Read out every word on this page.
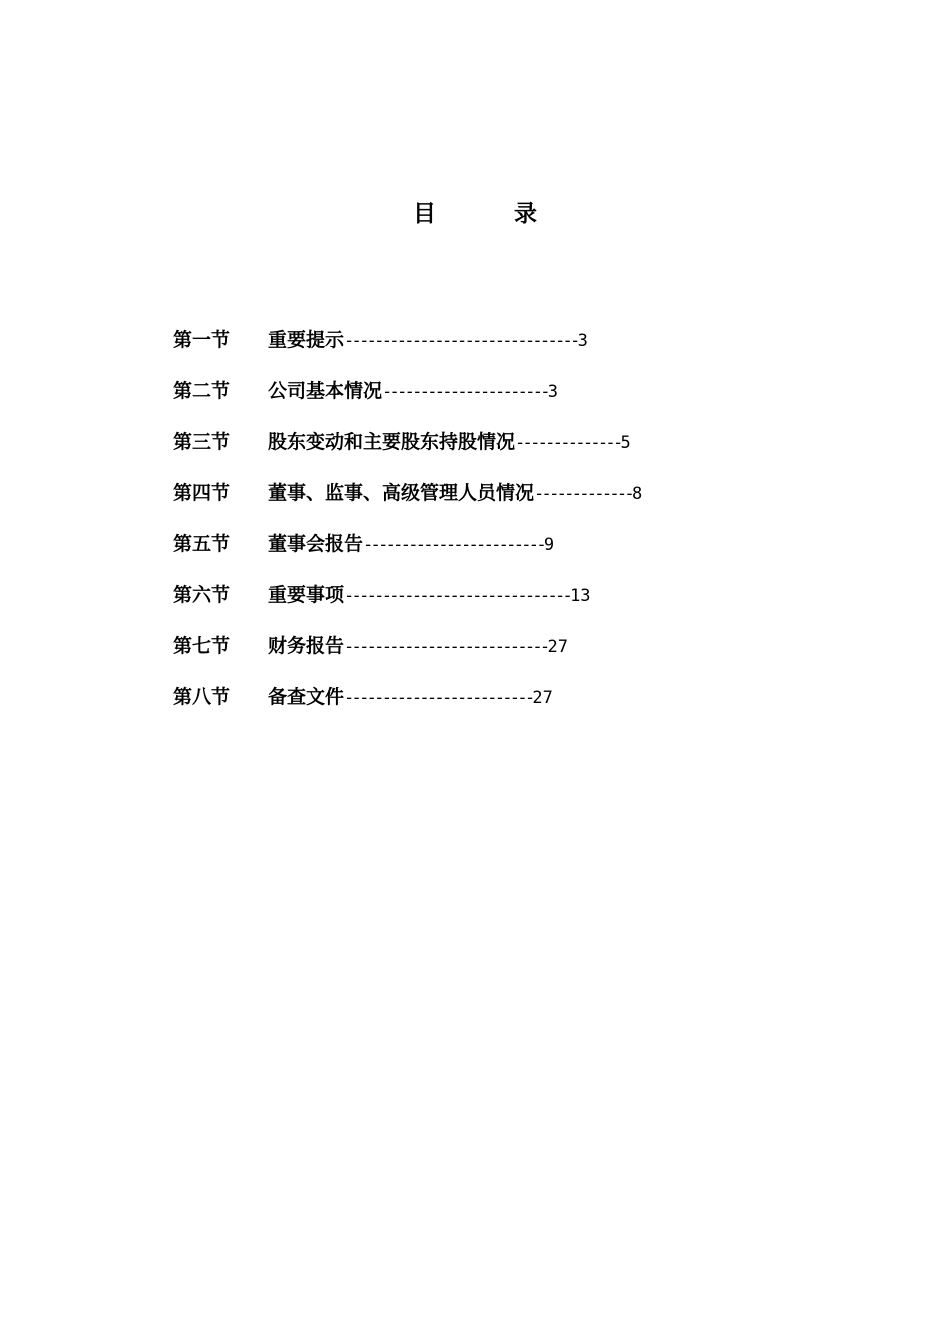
目	录
第一节 重要提示-------------------------------3
第二节 公司基本情况----------------------3
第三节 股东变动和主要股东持股情况--------------5
第四节 董事、监事、高级管理人员情况-------------8
第五节 董事会报告------------------------9
第六节 重要事项------------------------------13
第七节 财务报告---------------------------27
第八节 备查文件-------------------------27
